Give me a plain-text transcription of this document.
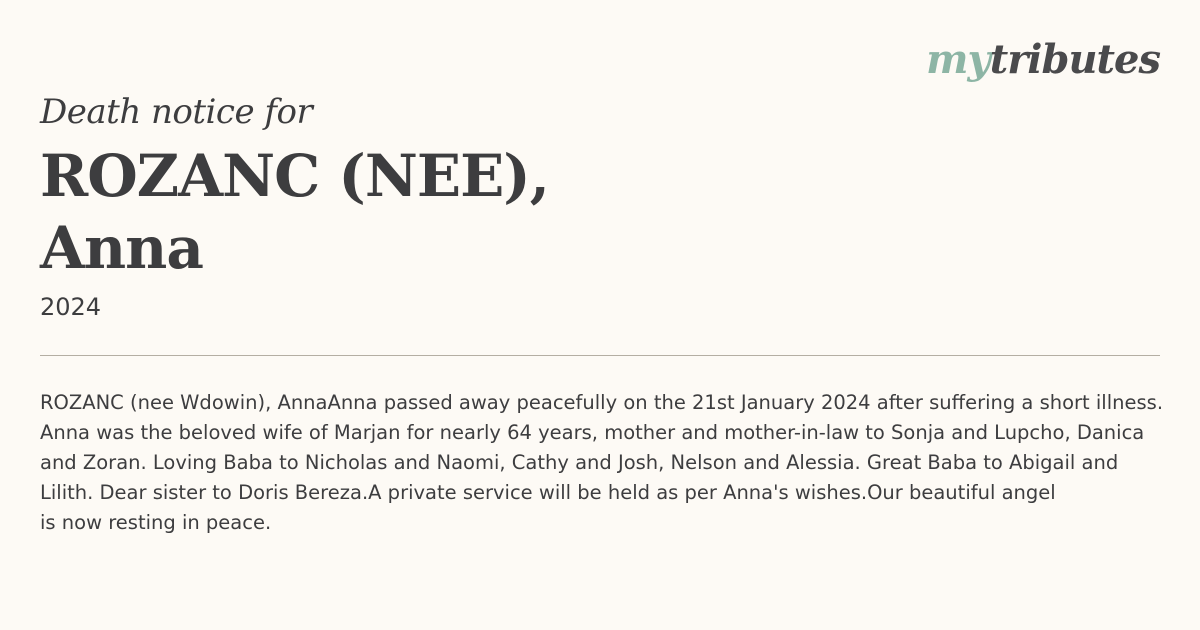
mytributes

Death notice for

ROZANC (NEE),
Anna
2024

ROZANC (nee Wdowin), AnnaAnna passed away peacefully on the 21st January 2024 after suffering a short illness.
Anna was the beloved wife of Marjan for nearly 64 years, mother and mother-in-law to Sonja and Lupcho, Danica
and Zoran. Loving Baba to Nicholas and Naomi, Cathy and Josh, Nelson and Alessia. Great Baba to Abigail and
Lilith. Dear sister to Doris Bereza.A private service will be held as per Anna's wishes.Our beautiful angel
is now resting in peace.
